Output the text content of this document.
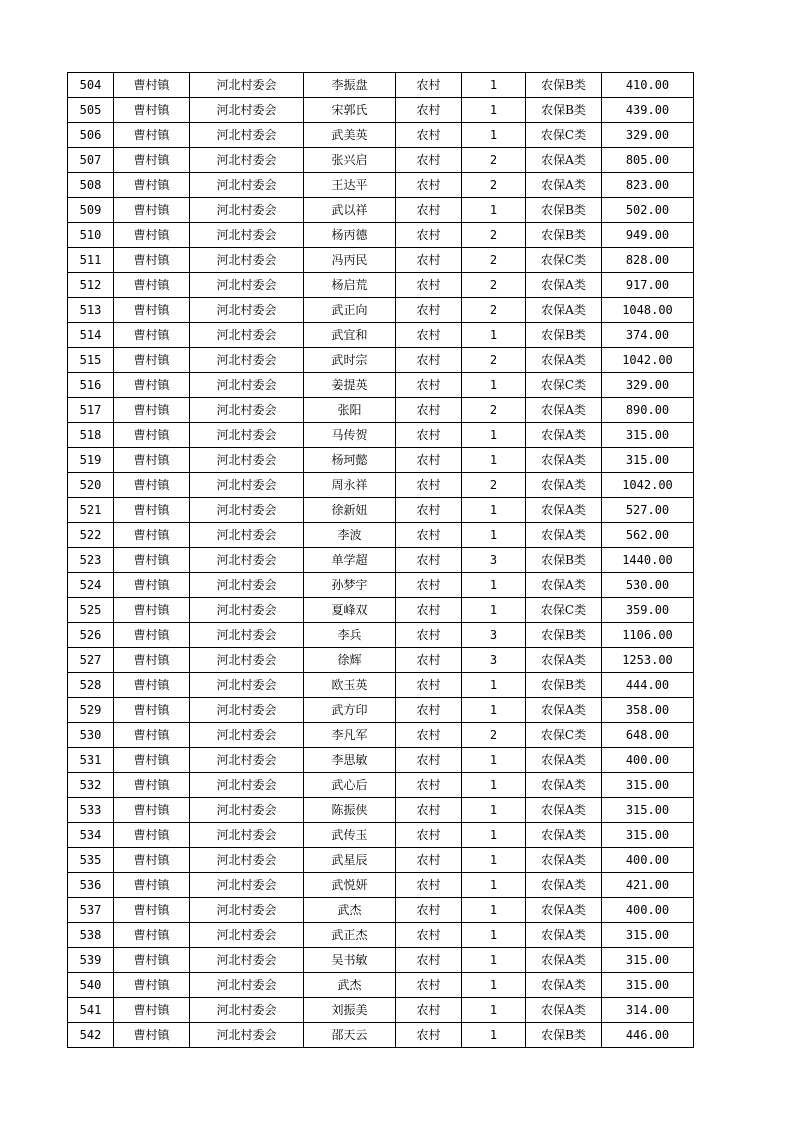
504	曹村镇	河北村委会	李振盘	农村	1	农保B类	410.00
505	曹村镇	河北村委会	宋郭氏	农村	1	农保B类	439.00
506	曹村镇	河北村委会	武美英	农村	1	农保C类	329.00
507	曹村镇	河北村委会	张兴启	农村	2	农保A类	805.00
508	曹村镇	河北村委会	王达平	农村	2	农保A类	823.00
509	曹村镇	河北村委会	武以祥	农村	1	农保B类	502.00
510	曹村镇	河北村委会	杨丙德	农村	2	农保B类	949.00
511	曹村镇	河北村委会	冯丙民	农村	2	农保C类	828.00
512	曹村镇	河北村委会	杨启荒	农村	2	农保A类	917.00
513	曹村镇	河北村委会	武正向	农村	2	农保A类	1048.00
514	曹村镇	河北村委会	武宜和	农村	1	农保B类	374.00
515	曹村镇	河北村委会	武时宗	农村	2	农保A类	1042.00
516	曹村镇	河北村委会	姜提英	农村	1	农保C类	329.00
517	曹村镇	河北村委会	张阳	农村	2	农保A类	890.00
518	曹村镇	河北村委会	马传贺	农村	1	农保A类	315.00
519	曹村镇	河北村委会	杨珂懿	农村	1	农保A类	315.00
520	曹村镇	河北村委会	周永祥	农村	2	农保A类	1042.00
521	曹村镇	河北村委会	徐新妞	农村	1	农保A类	527.00
522	曹村镇	河北村委会	李波	农村	1	农保A类	562.00
523	曹村镇	河北村委会	单学超	农村	3	农保B类	1440.00
524	曹村镇	河北村委会	孙梦宇	农村	1	农保A类	530.00
525	曹村镇	河北村委会	夏峰双	农村	1	农保C类	359.00
526	曹村镇	河北村委会	李兵	农村	3	农保B类	1106.00
527	曹村镇	河北村委会	徐辉	农村	3	农保A类	1253.00
528	曹村镇	河北村委会	欧玉英	农村	1	农保B类	444.00
529	曹村镇	河北村委会	武方印	农村	1	农保A类	358.00
530	曹村镇	河北村委会	李凡军	农村	2	农保C类	648.00
531	曹村镇	河北村委会	李思敏	农村	1	农保A类	400.00
532	曹村镇	河北村委会	武心后	农村	1	农保A类	315.00
533	曹村镇	河北村委会	陈振侠	农村	1	农保A类	315.00
534	曹村镇	河北村委会	武传玉	农村	1	农保A类	315.00
535	曹村镇	河北村委会	武星辰	农村	1	农保A类	400.00
536	曹村镇	河北村委会	武悦妍	农村	1	农保A类	421.00
537	曹村镇	河北村委会	武杰	农村	1	农保A类	400.00
538	曹村镇	河北村委会	武正杰	农村	1	农保A类	315.00
539	曹村镇	河北村委会	吴书敏	农村	1	农保A类	315.00
540	曹村镇	河北村委会	武杰	农村	1	农保A类	315.00
541	曹村镇	河北村委会	刘振美	农村	1	农保A类	314.00
542	曹村镇	河北村委会	邵天云	农村	1	农保B类	446.00
